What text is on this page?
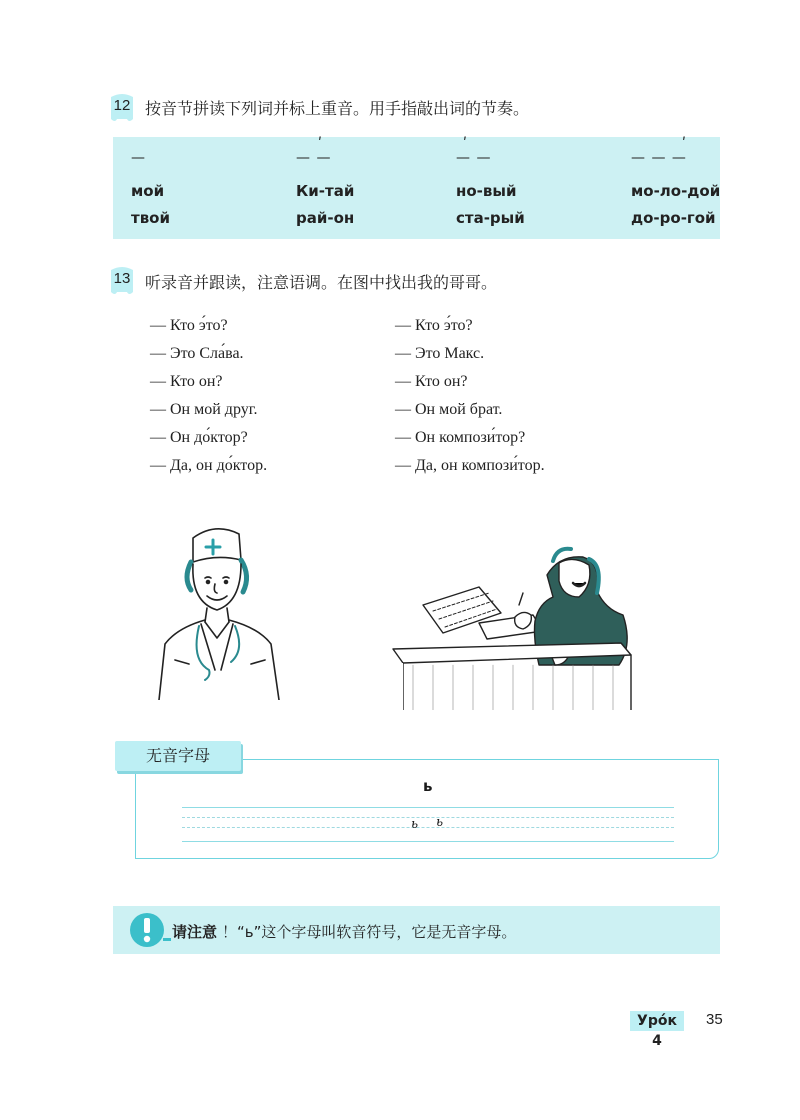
12 按音节拼读下列词并标上重音。用手指敲出词的节奏。
—
мой
твой
ʹ
— —
Ки-тай
рай-он
ʹ
— —
но-вый
ста-рый
ʹ
— — —
мо-ло-дой
до-ро-гой
13 听录音并跟读，注意语调。在图中找出我的哥哥。
— Кто э́то?
— Это Сла́ва.
— Кто он?
— Он мой друг.
— Он до́ктор?
— Да, он до́ктор.
— Кто э́то?
— Это Макс.
— Кто он?
— Он мой брат.
— Он компози́тор?
— Да, он компози́тор.
无音字母
ь
ь ь
请注意 ！“ь”这个字母叫软音符号，它是无音字母。
Уро́к 4
35
